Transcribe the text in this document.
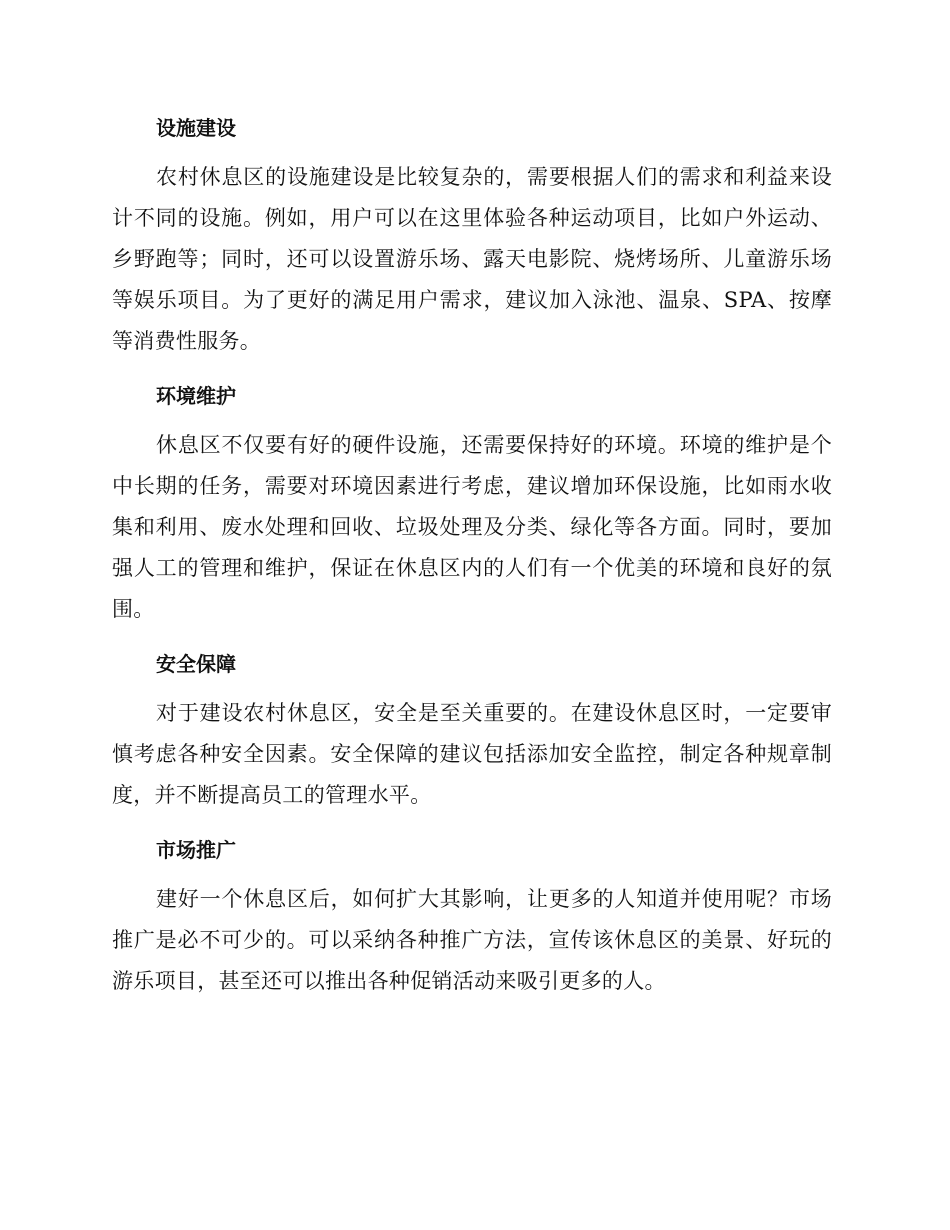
设施建设

农村休息区的设施建设是比较复杂的，需要根据人们的需求和利益来设计不同的设施。例如，用户可以在这里体验各种运动项目，比如户外运动、乡野跑等；同时，还可以设置游乐场、露天电影院、烧烤场所、儿童游乐场等娱乐项目。为了更好的满足用户需求，建议加入泳池、温泉、SPA、按摩等消费性服务。

环境维护

休息区不仅要有好的硬件设施，还需要保持好的环境。环境的维护是个中长期的任务，需要对环境因素进行考虑，建议增加环保设施，比如雨水收集和利用、废水处理和回收、垃圾处理及分类、绿化等各方面。同时，要加强人工的管理和维护，保证在休息区内的人们有一个优美的环境和良好的氛围。

安全保障

对于建设农村休息区，安全是至关重要的。在建设休息区时，一定要审慎考虑各种安全因素。安全保障的建议包括添加安全监控，制定各种规章制度，并不断提高员工的管理水平。

市场推广

建好一个休息区后，如何扩大其影响，让更多的人知道并使用呢？市场推广是必不可少的。可以采纳各种推广方法，宣传该休息区的美景、好玩的游乐项目，甚至还可以推出各种促销活动来吸引更多的人。
